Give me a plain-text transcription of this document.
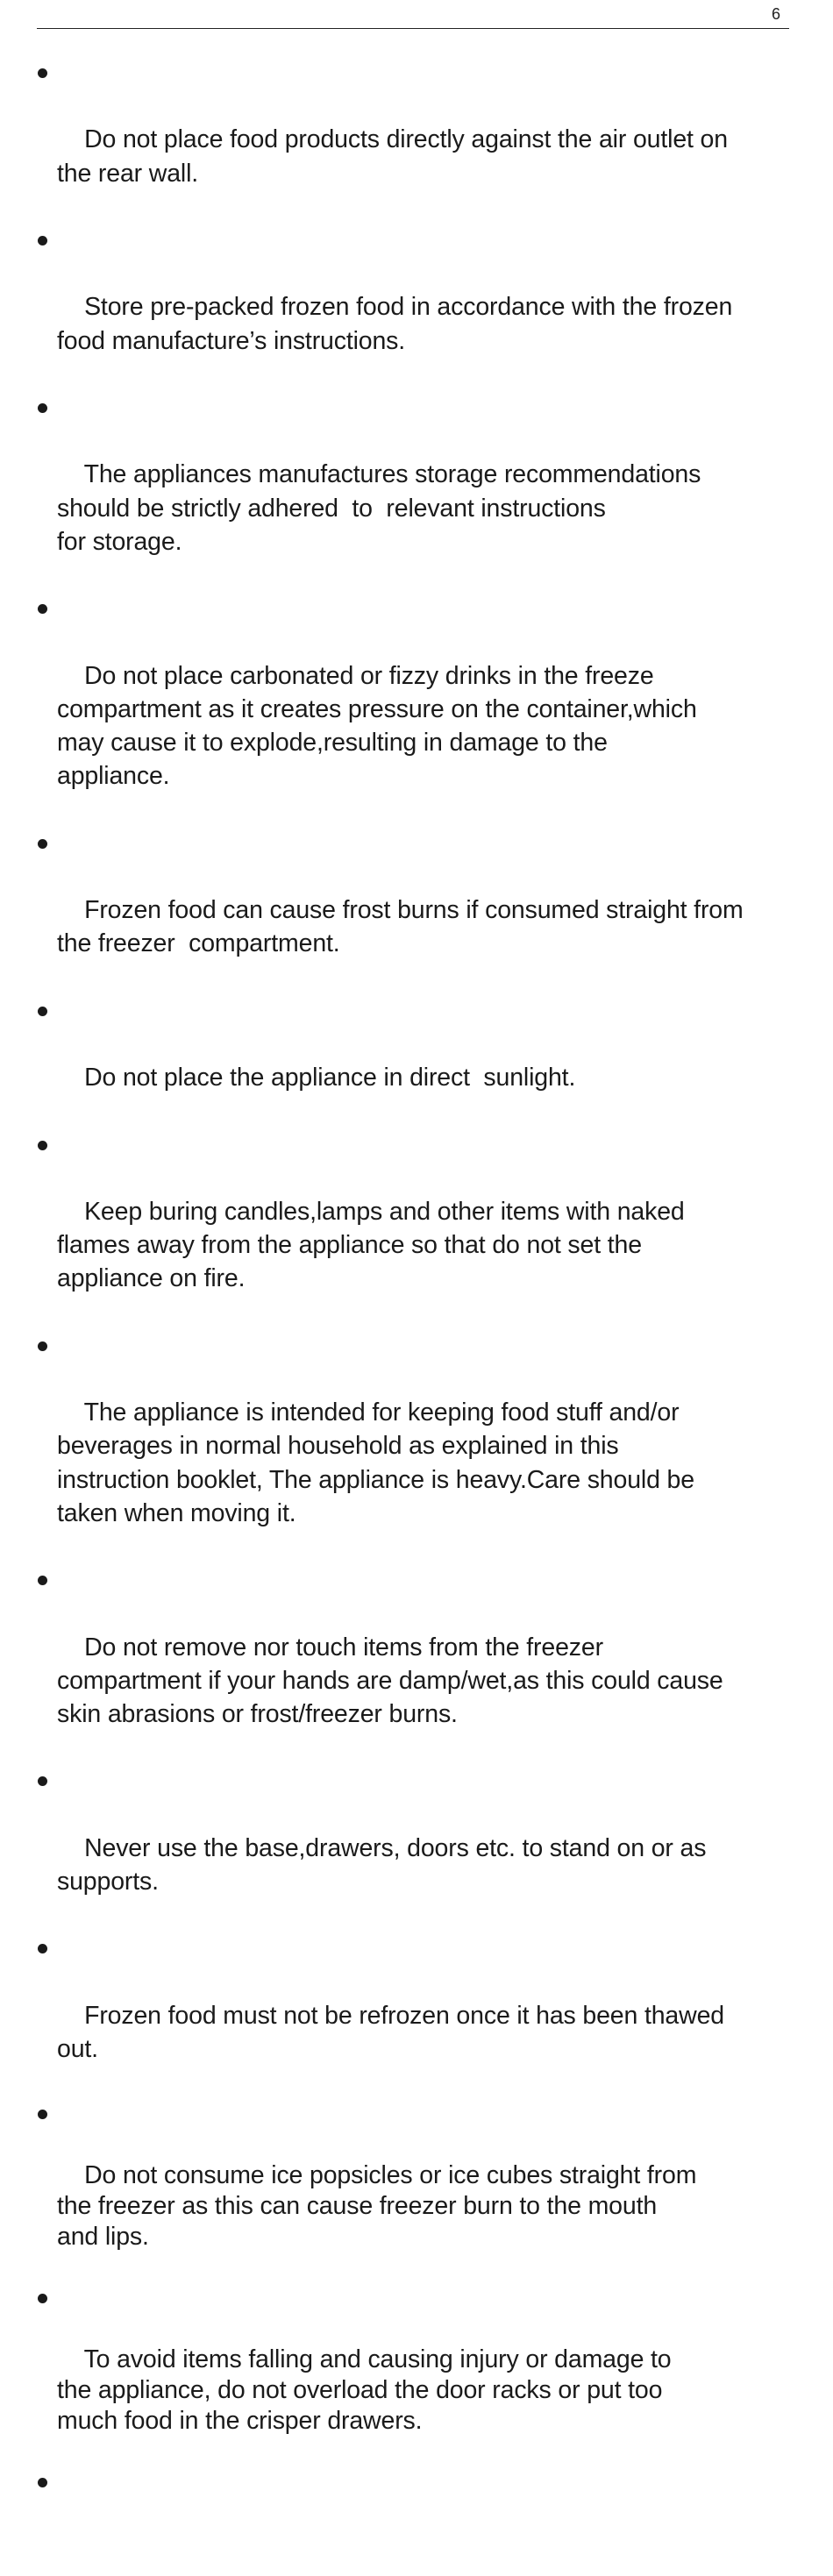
6

Do not place food products directly against the air outlet on
the rear wall.

Store pre-packed frozen food in accordance with the frozen
food manufacture’s instructions.

The appliances manufactures storage recommendations
should be strictly adhered  to  relevant instructions
for storage.

Do not place carbonated or fizzy drinks in the freeze
compartment as it creates pressure on the container,which
may cause it to explode,resulting in damage to the
appliance.

Frozen food can cause frost burns if consumed straight from
the freezer  compartment.

Do not place the appliance in direct  sunlight.

Keep buring candles,lamps and other items with naked
flames away from the appliance so that do not set the
appliance on fire.

The appliance is intended for keeping food stuff and/or
beverages in normal household as explained in this
instruction booklet, The appliance is heavy.Care should be
taken when moving it.

Do not remove nor touch items from the freezer
compartment if your hands are damp/wet,as this could cause
skin abrasions or frost/freezer burns.

Never use the base,drawers, doors etc. to stand on or as
supports.

Frozen food must not be refrozen once it has been thawed
out.

Do not consume ice popsicles or ice cubes straight from
the freezer as this can cause freezer burn to the mouth
and lips.

To avoid items falling and causing injury or damage to
the appliance, do not overload the door racks or put too
much food in the crisper drawers.
